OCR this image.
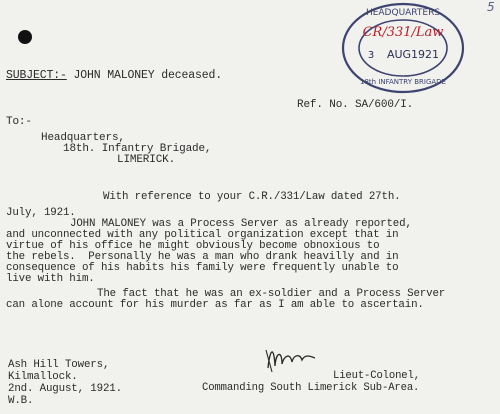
HEADQUARTERS
CR/331/Law
3 AUG1921
18th INFANTRY BRIGADE
5
SUBJECT:- JOHN MALONEY deceased.
Ref. No. SA/600/I.
To:-
Headquarters,
18th. Infantry Brigade,
LIMERICK.
With reference to your C.R./331/Law dated 27th.
July, 1921.
JOHN MALONEY was a Process Server as already reported,
and unconnected with any political organization except that in
virtue of his office he might obviously become obnoxious to
the rebels.  Personally he was a man who drank heavilly and in
consequence of his habits his family were frequently unable to
live with him.
The fact that he was an ex-soldier and a Process Server
can alone account for his murder as far as I am able to ascertain.
Lieut-Colonel,
Commanding South Limerick Sub-Area.
Ash Hill Towers,
Kilmallock.
2nd. August, 1921.
W.B.
